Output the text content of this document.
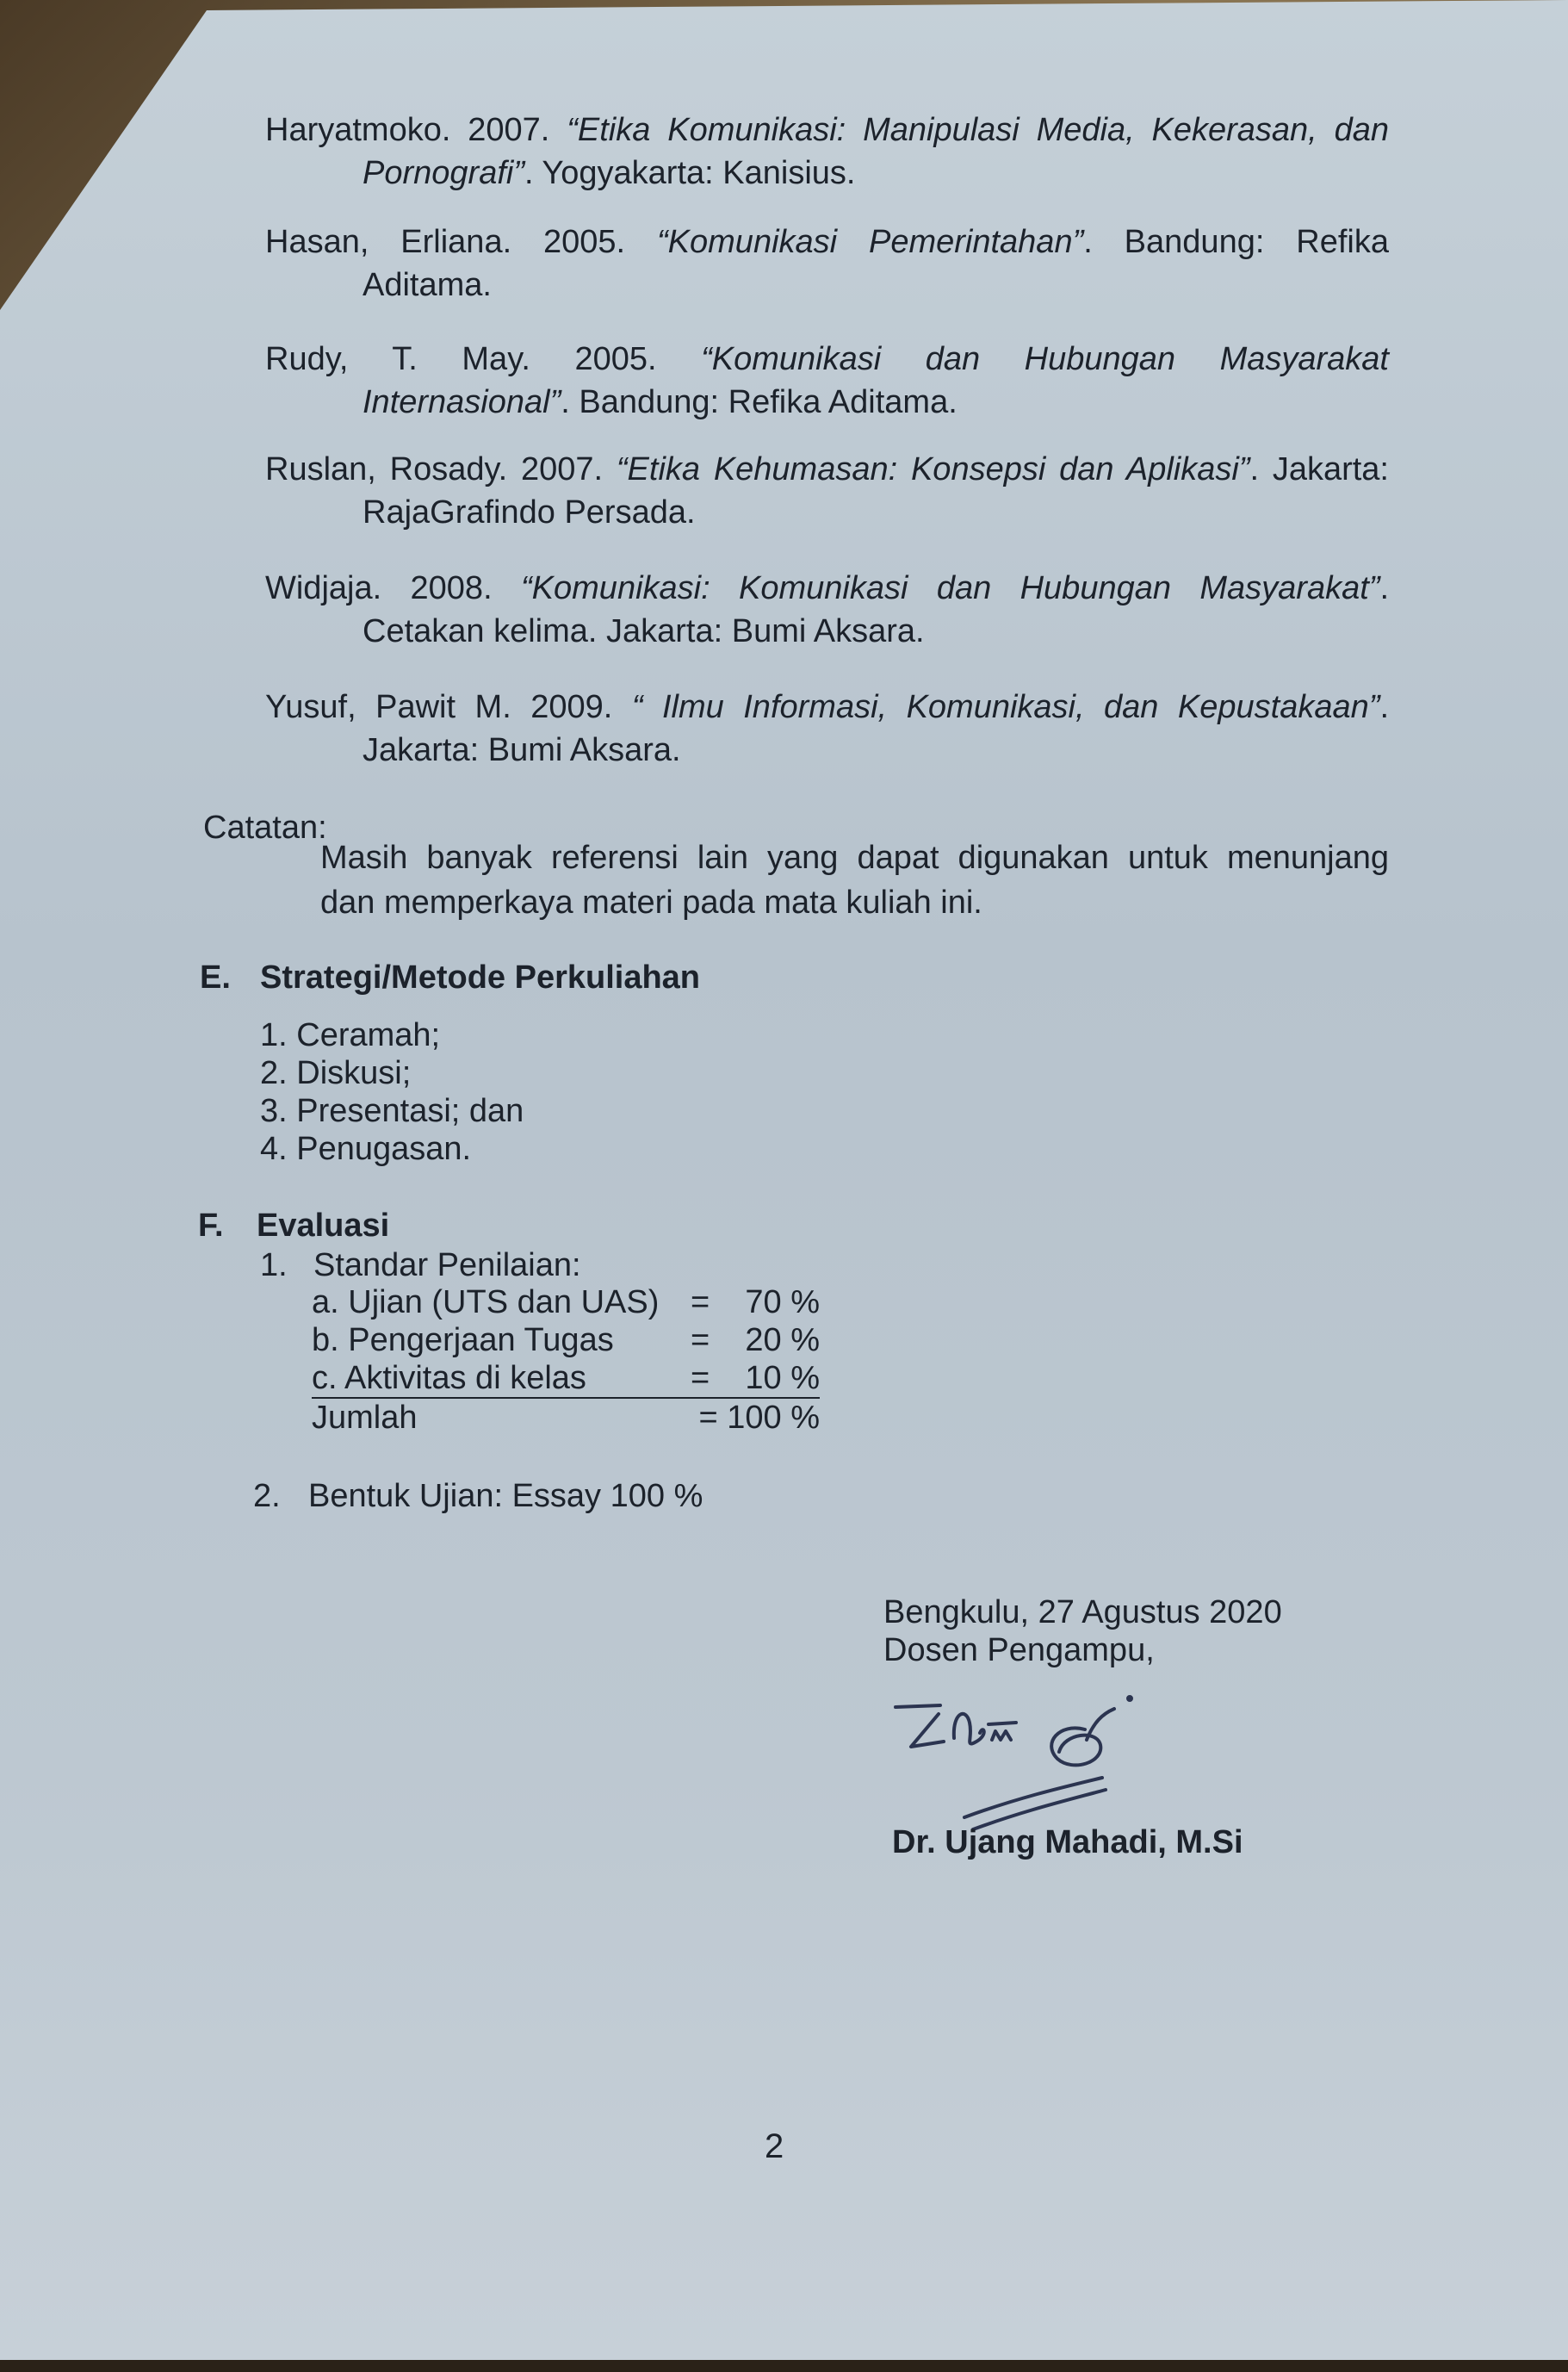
Haryatmoko. 2007. “Etika Komunikasi: Manipulasi Media, Kekerasan, dan
Pornografi”. Yogyakarta: Kanisius.
Hasan, Erliana. 2005. “Komunikasi Pemerintahan”. Bandung: Refika
Aditama.
Rudy, T. May. 2005. “Komunikasi dan Hubungan Masyarakat
Internasional”. Bandung: Refika Aditama.
Ruslan, Rosady. 2007. “Etika Kehumasan: Konsepsi dan Aplikasi”. Jakarta:
RajaGrafindo Persada.
Widjaja. 2008. “Komunikasi: Komunikasi dan Hubungan Masyarakat”.
Cetakan kelima. Jakarta: Bumi Aksara.
Yusuf, Pawit M. 2009. “ Ilmu Informasi, Komunikasi, dan Kepustakaan”.
Jakarta: Bumi Aksara.
Catatan:
Masih banyak referensi lain yang dapat digunakan untuk menunjang
dan memperkaya materi pada mata kuliah ini.
E. Strategi/Metode Perkuliahan
1. Ceramah;
2. Diskusi;
3. Presentasi; dan
4. Penugasan.
F. Evaluasi
1. Standar Penilaian:
a. Ujian (UTS dan UAS) = 70 %
b. Pengerjaan Tugas = 20 %
c. Aktivitas di kelas	= 10 %
Jumlah	= 100 %
2. Bentuk Ujian: Essay 100 %
Bengkulu, 27 Agustus 2020
Dosen Pengampu,
Dr. Ujang Mahadi, M.Si
2
